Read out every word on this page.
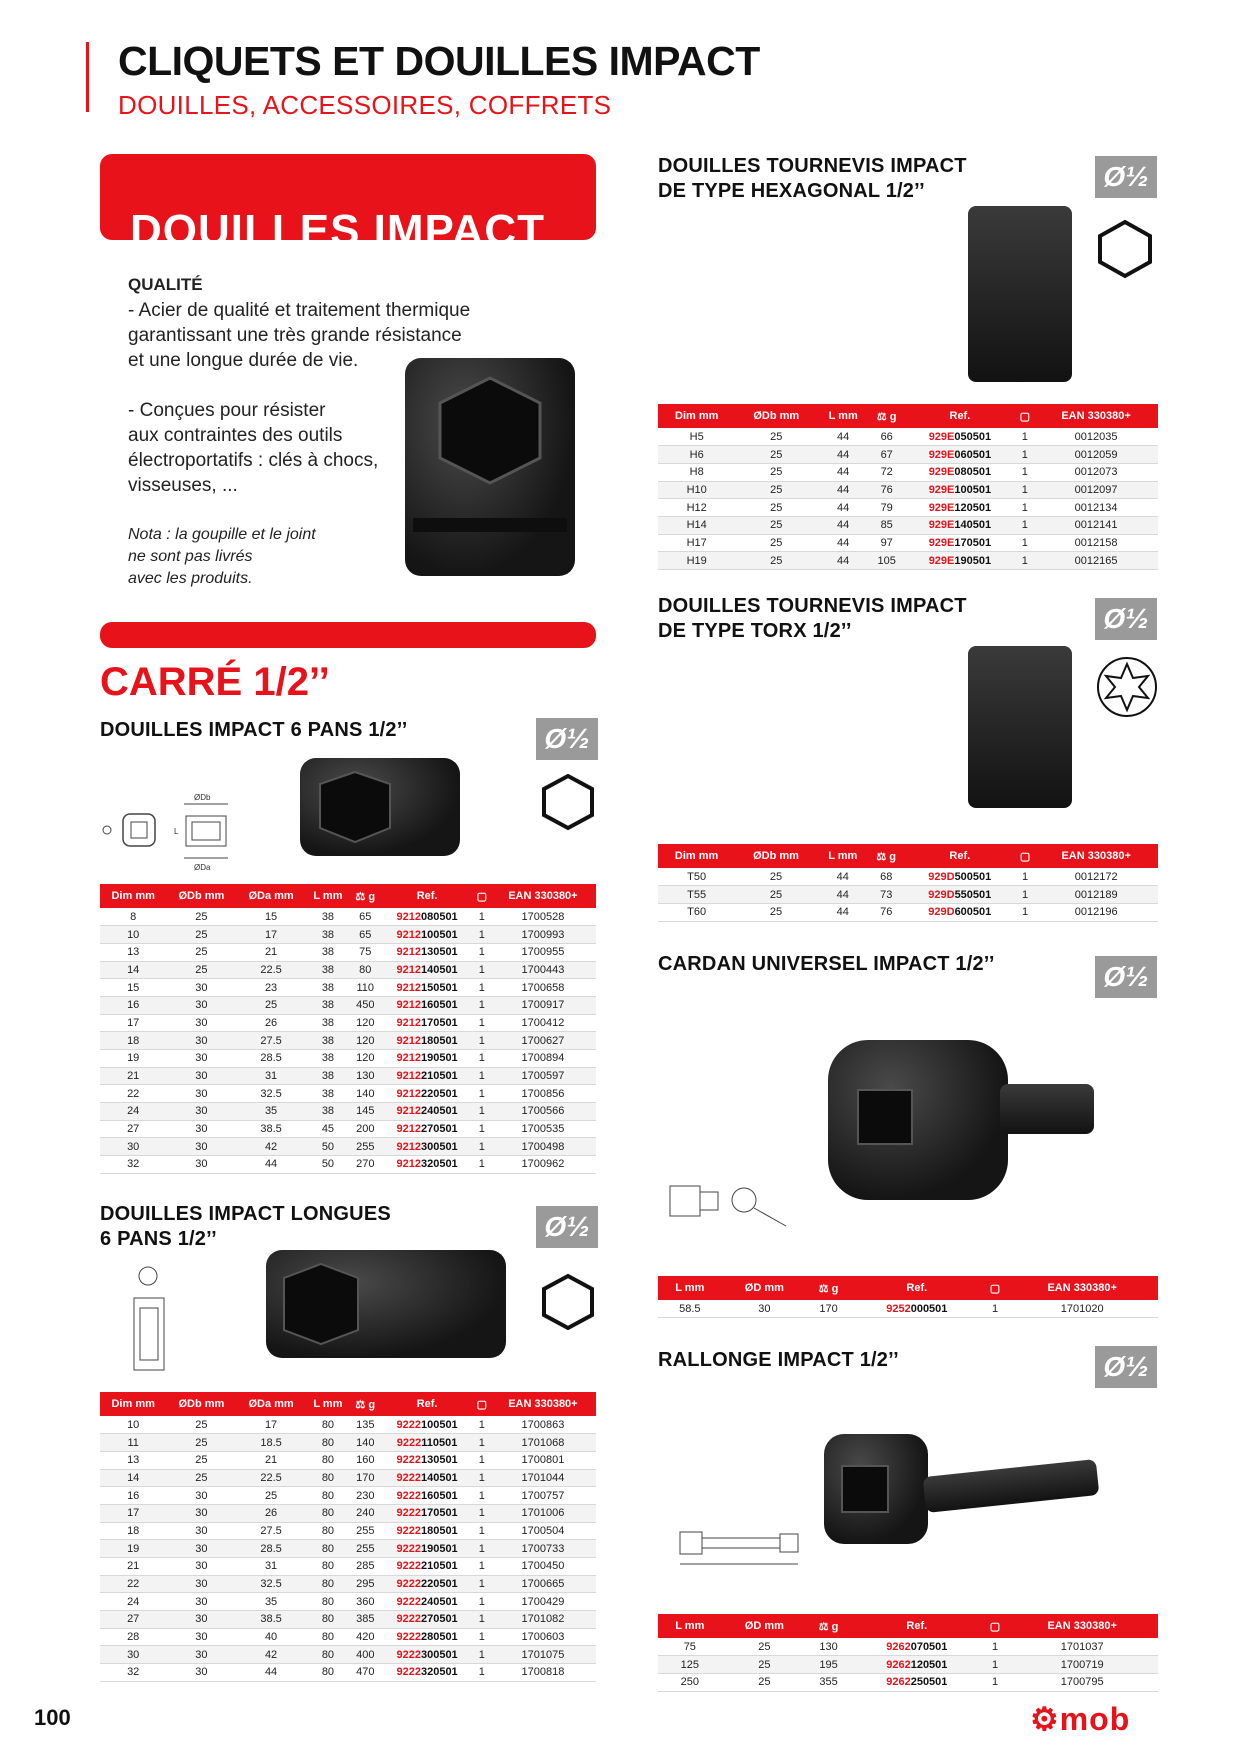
CLIQUETS ET DOUILLES IMPACT
DOUILLES, ACCESSOIRES, COFFRETS
DOUILLES IMPACT
QUALITÉ
- Acier de qualité et traitement thermique
garantissant une très grande résistance
et une longue durée de vie.
- Conçues pour résister
aux contraintes des outils
électroportatifs : clés à chocs,
visseuses, ...
Nota : la goupille et le joint
ne sont pas livrés
avec les produits.
CARRÉ 1/2’’
DOUILLES IMPACT 6 PANS 1/2’’	Ø½
ØDb
ØDa
L
Dim mm	ØDb mm	ØDa mm	L mm	⚖ g	Ref.	▢	EAN 330380+
8	25	15	38	65	9212080501	1	1700528
10	25	17	38	65	9212100501	1	1700993
13	25	21	38	75	9212130501	1	1700955
14	25	22.5	38	80	9212140501	1	1700443
15	30	23	38	110	9212150501	1	1700658
16	30	25	38	450	9212160501	1	1700917
17	30	26	38	120	9212170501	1	1700412
18	30	27.5	38	120	9212180501	1	1700627
19	30	28.5	38	120	9212190501	1	1700894
21	30	31	38	130	9212210501	1	1700597
22	30	32.5	38	140	9212220501	1	1700856
24	30	35	38	145	9212240501	1	1700566
27	30	38.5	45	200	9212270501	1	1700535
30	30	42	50	255	9212300501	1	1700498
32	30	44	50	270	9212320501	1	1700962
DOUILLES IMPACT LONGUES
6 PANS 1/2’’	Ø½
Dim mm	ØDb mm	ØDa mm	L mm	⚖ g	Ref.	▢	EAN 330380+
10	25	17	80	135	9222100501	1	1700863
11	25	18.5	80	140	9222110501	1	1701068
13	25	21	80	160	9222130501	1	1700801
14	25	22.5	80	170	9222140501	1	1701044
16	30	25	80	230	9222160501	1	1700757
17	30	26	80	240	9222170501	1	1701006
18	30	27.5	80	255	9222180501	1	1700504
19	30	28.5	80	255	9222190501	1	1700733
21	30	31	80	285	9222210501	1	1700450
22	30	32.5	80	295	9222220501	1	1700665
24	30	35	80	360	9222240501	1	1700429
27	30	38.5	80	385	9222270501	1	1701082
28	30	40	80	420	9222280501	1	1700603
30	30	42	80	400	9222300501	1	1701075
32	30	44	80	470	9222320501	1	1700818
DOUILLES TOURNEVIS IMPACT
DE TYPE HEXAGONAL 1/2’’	Ø½
Dim mm	ØDb mm	L mm	⚖ g	Ref.	▢	EAN 330380+
H5	25	44	66	929E050501	1	0012035
H6	25	44	67	929E060501	1	0012059
H8	25	44	72	929E080501	1	0012073
H10	25	44	76	929E100501	1	0012097
H12	25	44	79	929E120501	1	0012134
H14	25	44	85	929E140501	1	0012141
H17	25	44	97	929E170501	1	0012158
H19	25	44	105	929E190501	1	0012165
DOUILLES TOURNEVIS IMPACT
DE TYPE TORX 1/2’’	Ø½
Dim mm	ØDb mm	L mm	⚖ g	Ref.	▢	EAN 330380+
T50	25	44	68	929D500501	1	0012172
T55	25	44	73	929D550501	1	0012189
T60	25	44	76	929D600501	1	0012196
CARDAN UNIVERSEL IMPACT 1/2’’	Ø½
L mm	ØD mm	⚖ g	Ref.	▢	EAN 330380+
58.5	30	170	9252000501	1	1701020
RALLONGE IMPACT 1/2’’	Ø½
L mm	ØD mm	⚖ g	Ref.	▢	EAN 330380+
75	25	130	9262070501	1	1701037
125	25	195	9262120501	1	1700719
250	25	355	9262250501	1	1700795
100	⚙mob
